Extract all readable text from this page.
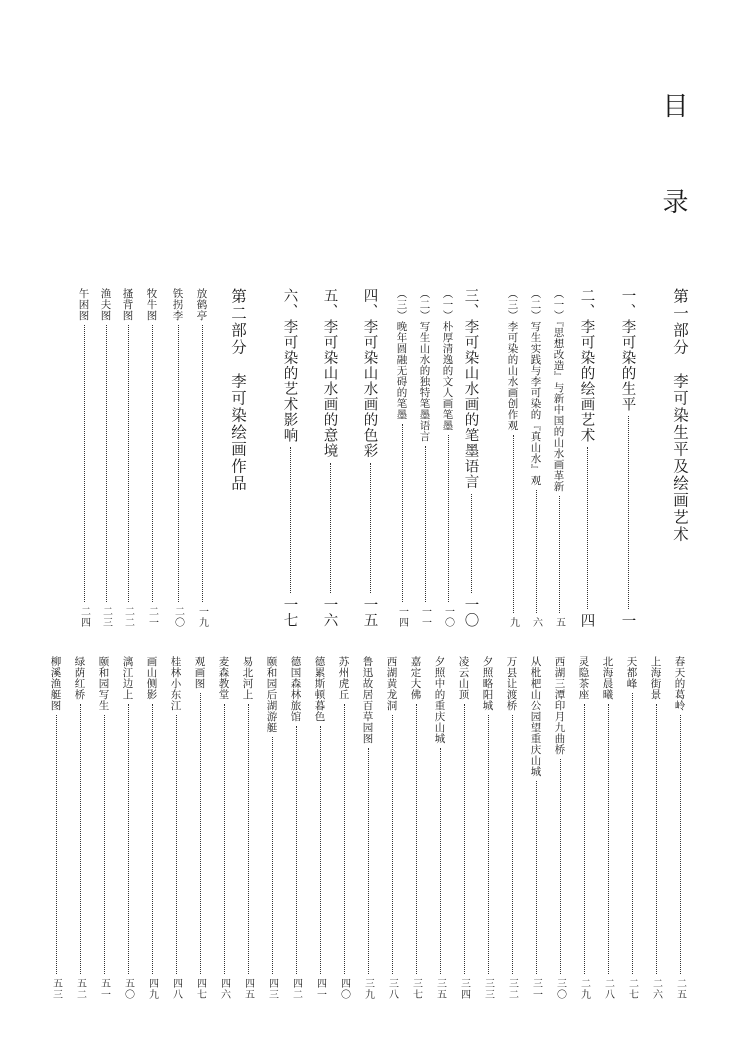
目　录
第一部分　李可染生平及绘画艺术
一、李可染的生平
一
二、李可染的绘画艺术
四
（一）『思想改造』与新中国的山水画革新
五
（二）写生实践与李可染的『真山水』观
六
（三）李可染的山水画创作观
九
三、李可染山水画的笔墨语言
一〇
（一）朴厚清逸的文人画笔墨
一〇
（二）写生山水的独特笔墨语言
一一
（三）晚年圆融无碍的笔墨
一四
四、李可染山水画的色彩
一五
五、李可染山水画的意境
一六
六、李可染的艺术影响
一七
第二部分　李可染绘画作品
放鹤亭
一九
铁拐李
二〇
牧牛图
二一
搔背图
二二
渔夫图
二三
午困图
二四
春天的葛岭
二五
上海街景
二六
天都峰
二七
北海晨曦
二八
灵隐茶座
二九
西湖三潭印月九曲桥
三〇
从枇杷山公园望重庆山城
三一
万县让渡桥
三二
夕照略阳城
三三
凌云山顶
三四
夕照中的重庆山城
三五
嘉定大佛
三七
西湖黄龙洞
三八
鲁迅故居百草园图
三九
苏州虎丘
四〇
德累斯顿暮色
四一
德国森林旅馆
四二
颐和园后湖游艇
四三
易北河上
四五
麦森教堂
四六
观画图
四七
桂林小东江
四八
画山侧影
四九
漓江边上
五〇
颐和园写生
五一
绿荫红桥
五二
柳溪渔艇图
五三
